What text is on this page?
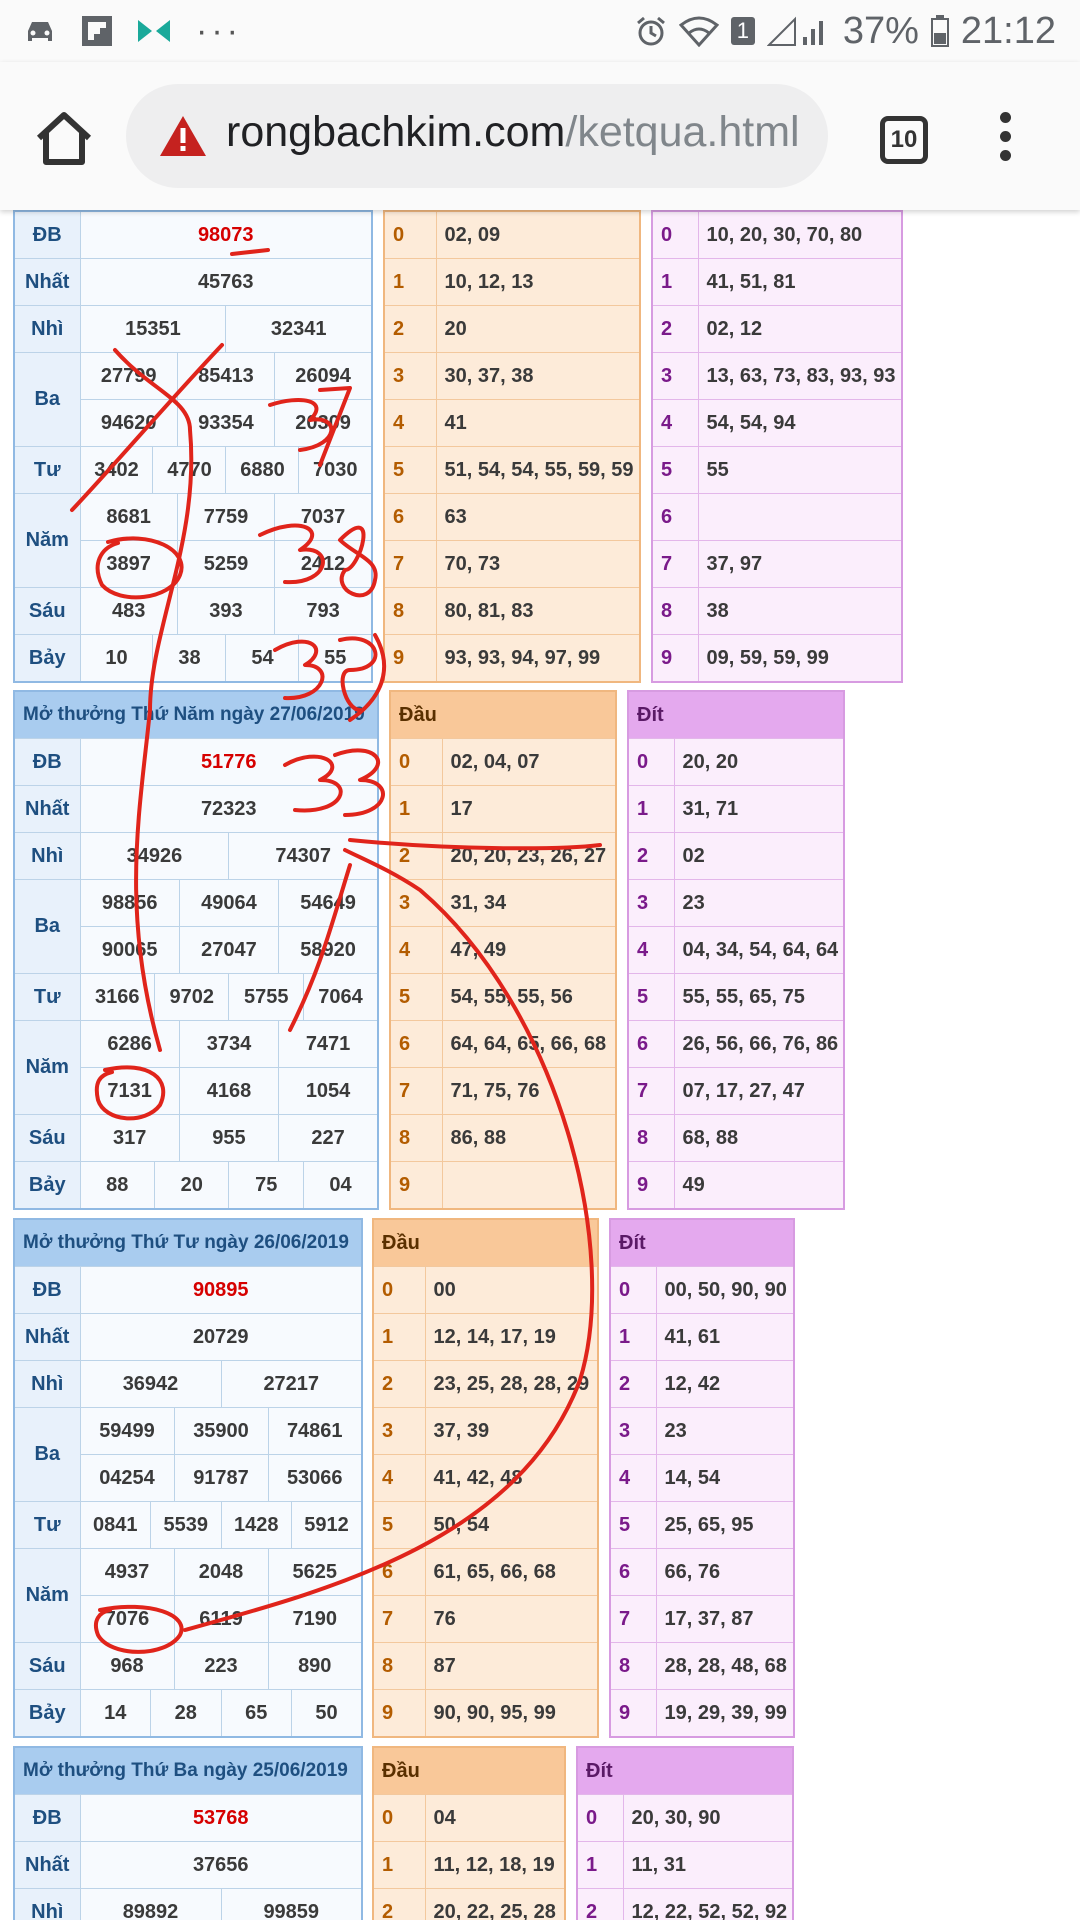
···	1 37% 21:12
rongbachkim.com/ketqua.html	10
ĐB	98073					
Nhất	45763					
Nhì	15351			32341		
Ba	27799		85413		26094	
	94620		93354		20309	
Tư	3402	4770		6880		7030
Năm	8681		7759		7037	
	3897		5259		2412	
Sáu	483		393		793	
Bảy	10	38		54		55
0	02, 09
1	10, 12, 13
2	20
3	30, 37, 38
4	41
5	51, 54, 54, 55, 59, 59
6	63
7	70, 73
8	80, 81, 83
9	93, 93, 94, 97, 99
0	10, 20, 30, 70, 80
1	41, 51, 81
2	02, 12
3	13, 63, 73, 83, 93, 93
4	54, 54, 94
5	55
6	
7	37, 97
8	38
9	09, 59, 59, 99
Mở thưởng Thứ Năm ngày 27/06/2019						
ĐB	51776					
Nhất	72323					
Nhì	34926			74307		
Ba	98856		49064		54649	
	90065		27047		58920	
Tư	3166	9702		5755		7064
Năm	6286		3734		7471	
	7131		4168		1054	
Sáu	317		955		227	
Bảy	88	20		75		04
Đầu	
0	02, 04, 07
1	17
2	20, 20, 23, 26, 27
3	31, 34
4	47, 49
5	54, 55, 55, 56
6	64, 64, 65, 66, 68
7	71, 75, 76
8	86, 88
9	
Đít	
0	20, 20
1	31, 71
2	02
3	23
4	04, 34, 54, 64, 64
5	55, 55, 65, 75
6	26, 56, 66, 76, 86
7	07, 17, 27, 47
8	68, 88
9	49
Mở thưởng Thứ Tư ngày 26/06/2019						
ĐB	90895					
Nhất	20729					
Nhì	36942			27217		
Ba	59499		35900		74861	
	04254		91787		53066	
Tư	0841	5539		1428		5912
Năm	4937		2048		5625	
	7076		6119		7190	
Sáu	968		223		890	
Bảy	14	28		65		50
Đầu	
0	00
1	12, 14, 17, 19
2	23, 25, 28, 28, 29
3	37, 39
4	41, 42, 48
5	50, 54
6	61, 65, 66, 68
7	76
8	87
9	90, 90, 95, 99
Đít	
0	00, 50, 90, 90
1	41, 61
2	12, 42
3	23
4	14, 54
5	25, 65, 95
6	66, 76
7	17, 37, 87
8	28, 28, 48, 68
9	19, 29, 39, 99
Mở thưởng Thứ Ba ngày 25/06/2019		
ĐB	53768	
Nhất	37656	
Nhì	89892	99859
Đầu	
0	04
1	11, 12, 18, 19
2	20, 22, 25, 28
Đít	
0	20, 30, 90
1	11, 31
2	12, 22, 52, 52, 92
